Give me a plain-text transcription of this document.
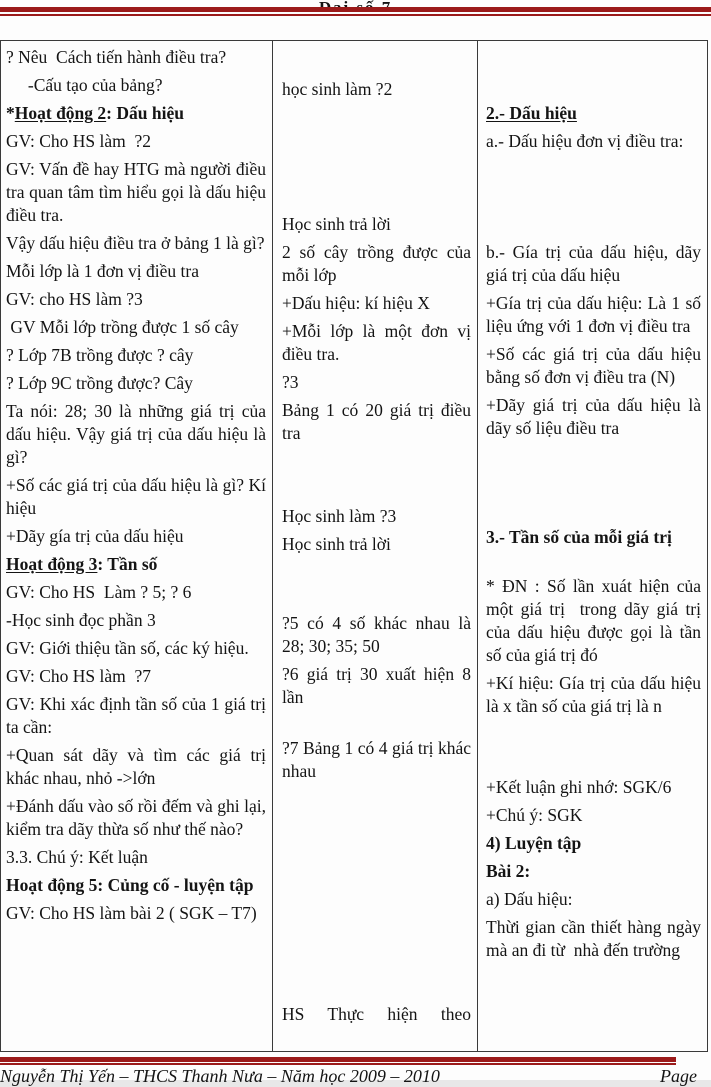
? Nêu  Cách tiến hành điều tra?

-Cấu tạo của bảng?

*Hoạt động 2: Dấu hiệu

GV: Cho HS làm  ?2

GV: Vấn đề hay HTG mà người điều tra quan tâm tìm hiểu gọi là dấu hiệu điều tra.

Vậy dấu hiệu điều tra ở bảng 1 là gì?

Mỗi lớp là 1 đơn vị điều tra

GV: cho HS làm ?3

GV Mỗi lớp trồng được 1 số cây

? Lớp 7B trồng được ? cây

? Lớp 9C trồng được? Cây

Ta nói: 28; 30 là những giá trị của dấu hiệu. Vậy giá trị của dấu hiệu là gì?

+Số các giá trị của dấu hiệu là gì? Kí hiệu

+Dãy gía trị của dấu hiệu

Hoạt động 3: Tần số

GV: Cho HS  Làm ? 5; ? 6

-Học sinh đọc phần 3

GV: Giới thiệu tần số, các ký hiệu.

GV: Cho HS làm  ?7

GV: Khi xác định tần số của 1 giá trị ta cần:

+Quan sát dãy và tìm các giá trị khác nhau, nhỏ ->lớn

+Đánh dấu vào số rồi đếm và ghi lại, kiểm tra dãy thừa số như thế nào?

3.3. Chú ý: Kết luận

Hoạt động 5: Củng cố - luyện tập

GV: Cho HS làm bài 2 ( SGK – T7)

học sinh làm ?2

Học sinh trả lời

2 số cây trồng được của mỗi lớp

+Dấu hiệu: kí hiệu X

+Mỗi lớp là một đơn vị điều tra.

?3

Bảng 1 có 20 giá trị điều tra

Học sinh làm ?3

Học sinh trả lời

?5 có 4 số khác nhau là 28; 30; 35; 50

?6 giá trị 30 xuất hiện 8 lần

?7 Bảng 1 có 4 giá trị khác nhau

HS Thực hiện theo

2.- Dấu hiệu

a.- Dấu hiệu đơn vị điều tra:

b.- Gía trị của dấu hiệu, dãy giá trị của dấu hiệu

+Gía trị của dấu hiệu: Là 1 số liệu ứng với 1 đơn vị điều tra

+Số các giá trị của dấu hiệu bằng số đơn vị điều tra (N)

+Dãy giá trị của dấu hiệu là dãy số liệu điều tra

3.- Tần số của mỗi giá trị

* ĐN : Số lần xuát hiện của một giá trị  trong dãy giá trị của dấu hiệu được gọi là tần số của giá trị đó

+Kí hiệu: Gía trị của dấu hiệu là x tần số của giá trị là n

+Kết luận ghi nhớ: SGK/6

+Chú ý: SGK

4) Luyện tập

Bài 2:

a) Dấu hiệu:

Thừi gian cần thiết hàng ngày mà an đi từ  nhà đến trường

Nguyễn Thị Yến – THCS Thanh Nưa – Năm học 2009 – 2010	Page
